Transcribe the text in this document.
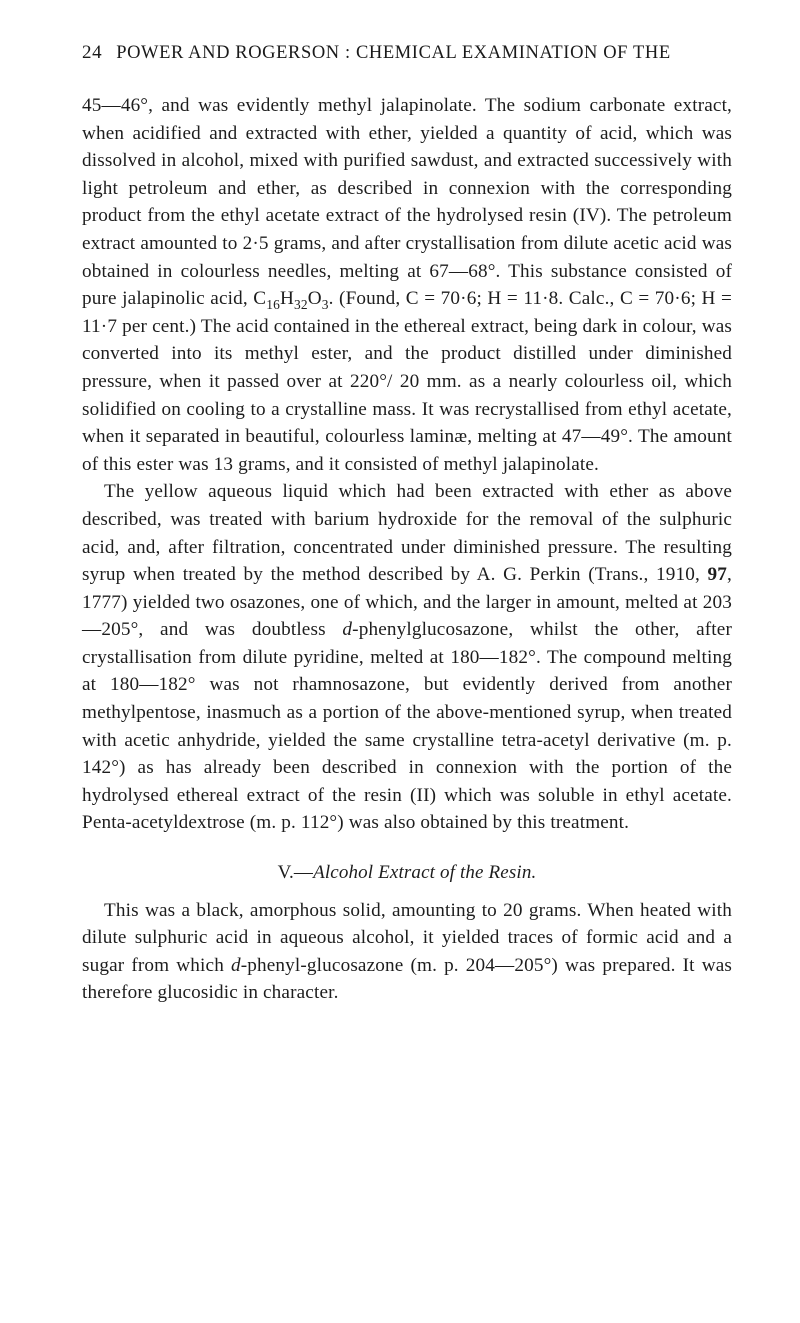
24 POWER AND ROGERSON : CHEMICAL EXAMINATION OF THE

45—46°, and was evidently methyl jalapinolate. The sodium carbonate extract, when acidified and extracted with ether, yielded a quantity of acid, which was dissolved in alcohol, mixed with purified sawdust, and extracted successively with light petroleum and ether, as described in connexion with the corresponding product from the ethyl acetate extract of the hydrolysed resin (IV). The petroleum extract amounted to 2·5 grams, and after crystallisation from dilute acetic acid was obtained in colourless needles, melting at 67—68°. This substance consisted of pure jalapinolic acid, $C_{16}H_{32}O_3$. (Found, C = 70·6; H = 11·8. Calc., C = 70·6; H = 11·7 per cent.) The acid contained in the ethereal extract, being dark in colour, was converted into its methyl ester, and the product distilled under diminished pressure, when it passed over at 220°/ 20 mm. as a nearly colourless oil, which solidified on cooling to a crystalline mass. It was recrystallised from ethyl acetate, when it separated in beautiful, colourless laminæ, melting at 47—49°. The amount of this ester was 13 grams, and it consisted of methyl jalapinolate.

The yellow aqueous liquid which had been extracted with ether as above described, was treated with barium hydroxide for the removal of the sulphuric acid, and, after filtration, concentrated under diminished pressure. The resulting syrup when treated by the method described by A. G. Perkin (Trans., 1910, 97, 1777) yielded two osazones, one of which, and the larger in amount, melted at 203—205°, and was doubtless d-phenylglucosazone, whilst the other, after crystallisation from dilute pyridine, melted at 180—182°. The compound melting at 180—182° was not rhamnosazone, but evidently derived from another methylpentose, inasmuch as a portion of the above-mentioned syrup, when treated with acetic anhydride, yielded the same crystalline tetra-acetyl derivative (m. p. 142°) as has already been described in connexion with the portion of the hydrolysed ethereal extract of the resin (II) which was soluble in ethyl acetate. Penta-acetyldextrose (m. p. 112°) was also obtained by this treatment.

V.—Alcohol Extract of the Resin.

This was a black, amorphous solid, amounting to 20 grams. When heated with dilute sulphuric acid in aqueous alcohol, it yielded traces of formic acid and a sugar from which d-phenyl-glucosazone (m. p. 204—205°) was prepared. It was therefore glucosidic in character.
